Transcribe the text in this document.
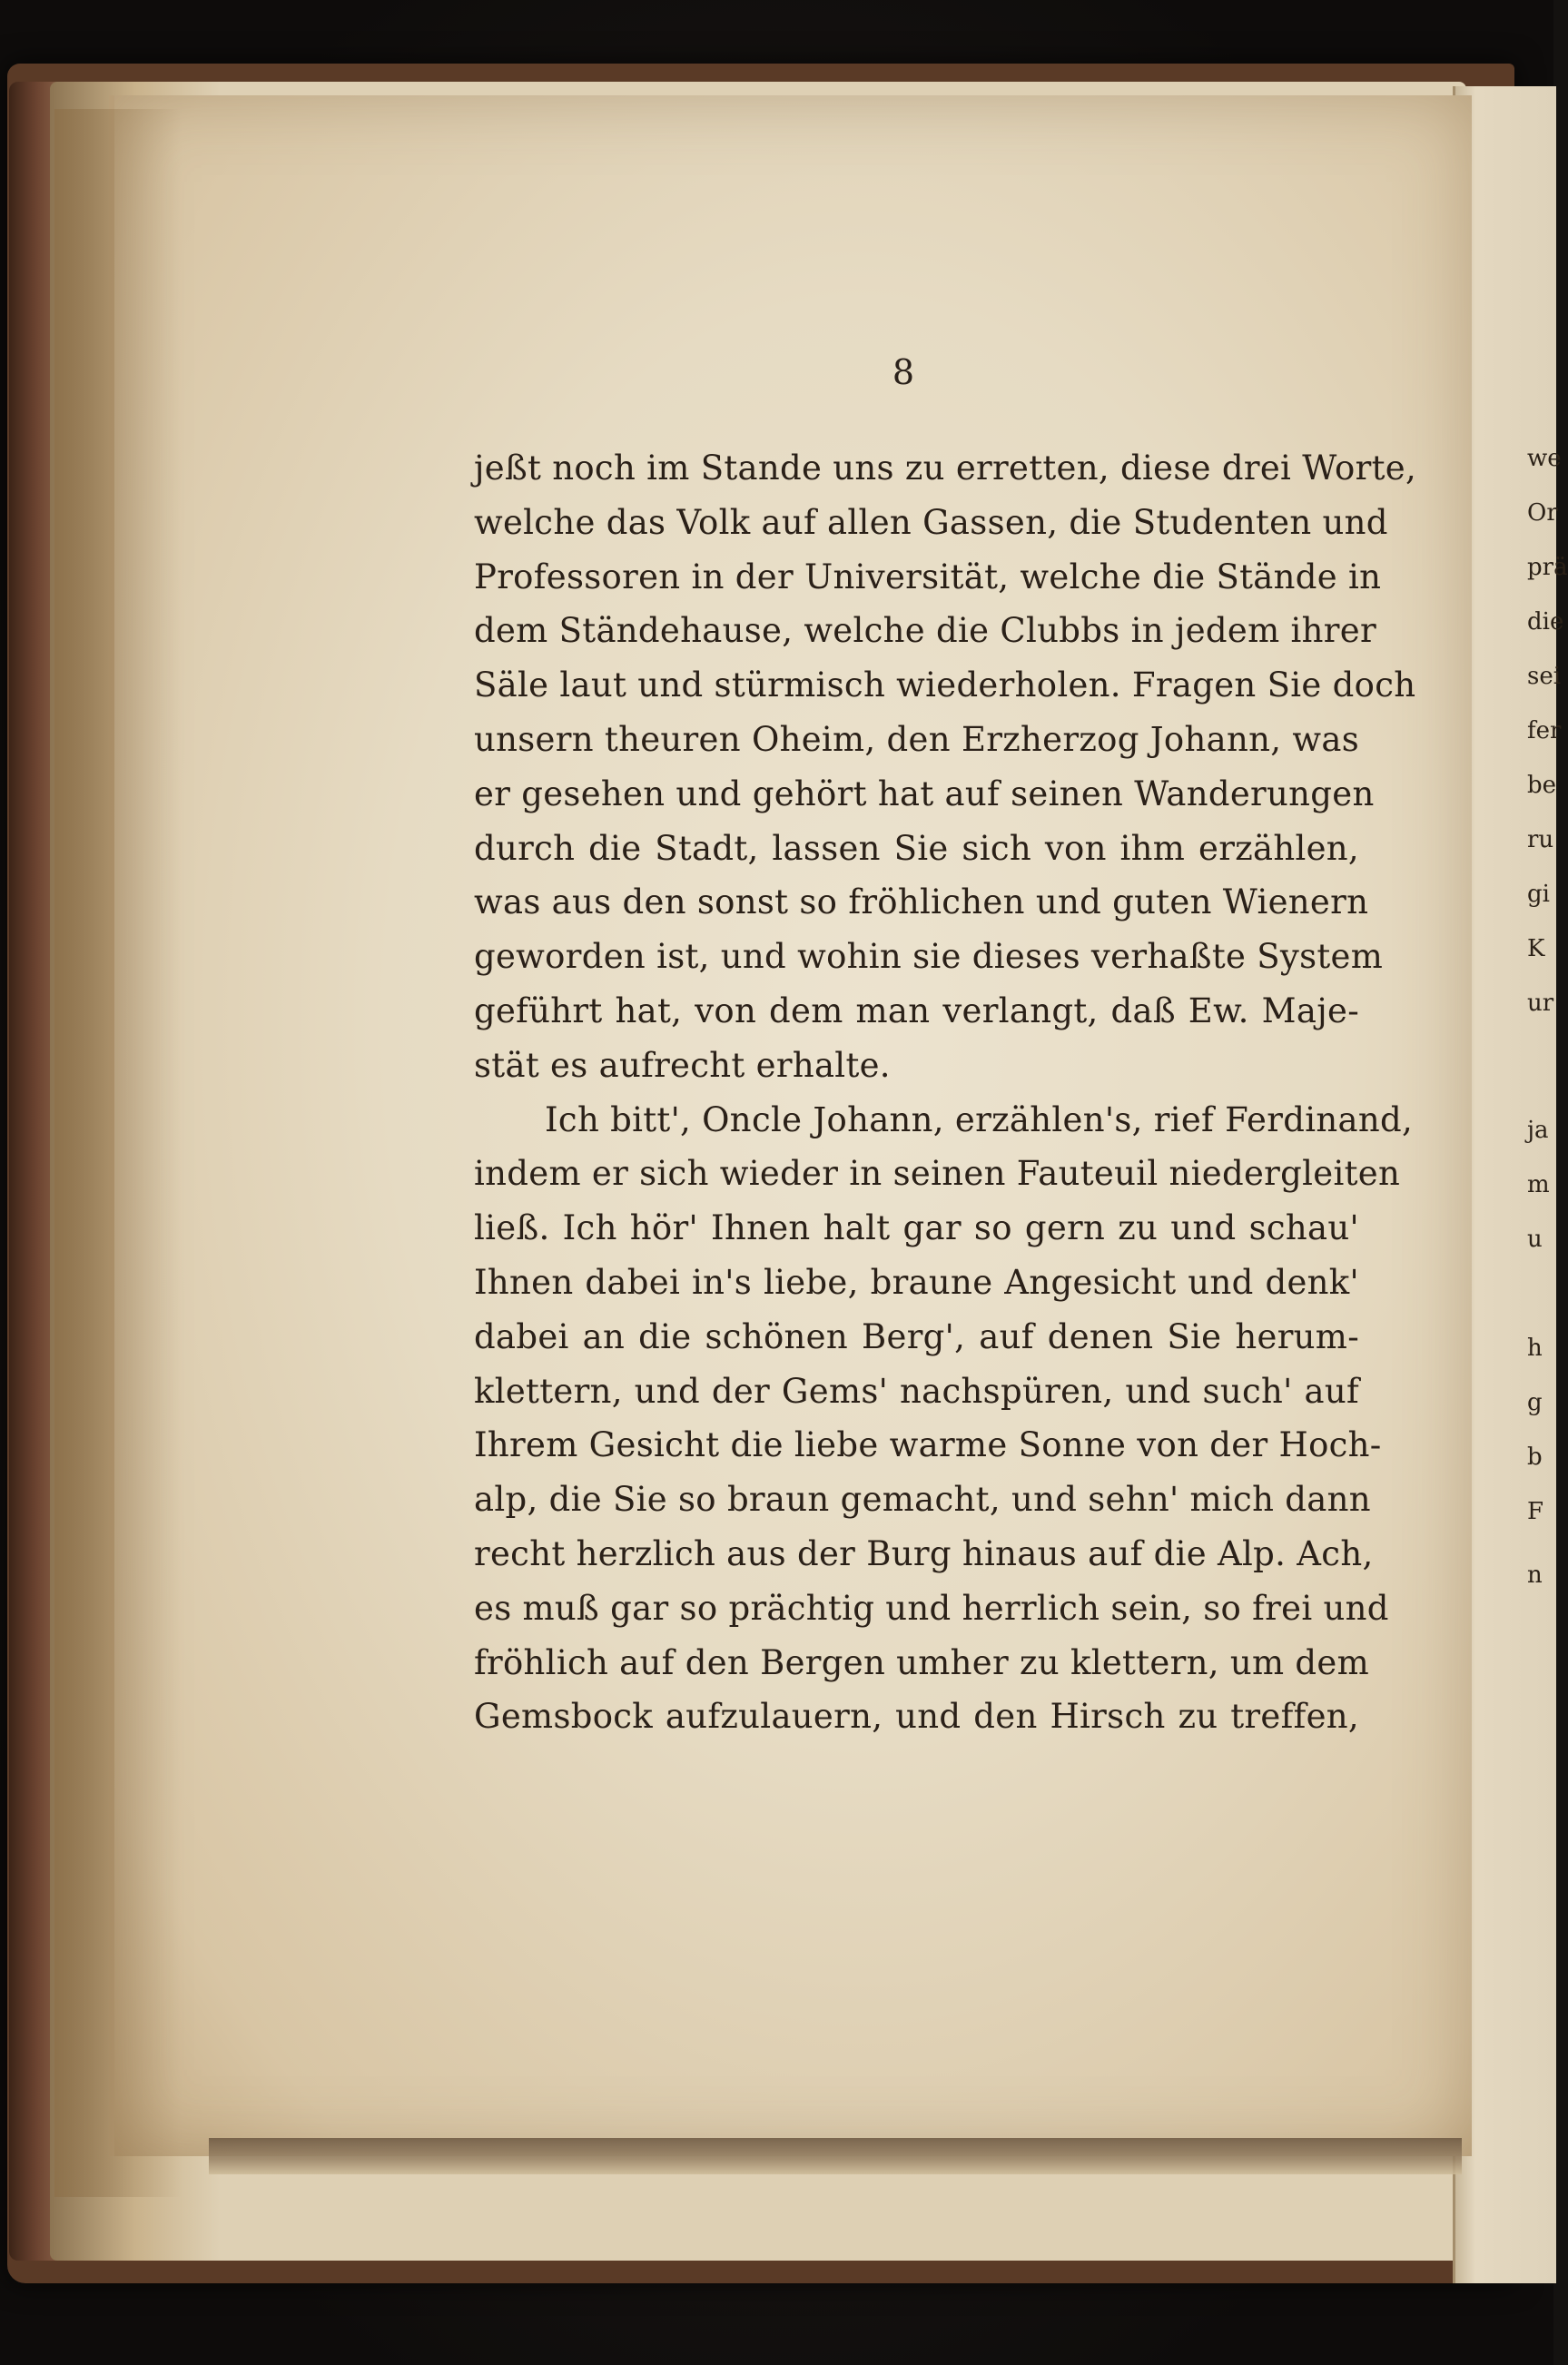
we
Or
prä
die
sei
fer
be
ru
gi
K
ur
ja
m
u
h
g
b
F
n
8
jeßt noch im Stande uns zu erretten, diese drei Worte,
welche das Volk auf allen Gassen, die Studenten und
Professoren in der Universität, welche die Stände in
dem Ständehause, welche die Clubbs in jedem ihrer
Säle laut und stürmisch wiederholen. Fragen Sie doch
unsern theuren Oheim, den Erzherzog Johann, was
er gesehen und gehört hat auf seinen Wanderungen
durch die Stadt, lassen Sie sich von ihm erzählen,
was aus den sonst so fröhlichen und guten Wienern
geworden ist, und wohin sie dieses verhaßte System
geführt hat, von dem man verlangt, daß Ew. Maje-
stät es aufrecht erhalte.
Ich bitt', Oncle Johann, erzählen's, rief Ferdinand,
indem er sich wieder in seinen Fauteuil niedergleiten
ließ. Ich hör' Ihnen halt gar so gern zu und schau'
Ihnen dabei in's liebe, braune Angesicht und denk'
dabei an die schönen Berg', auf denen Sie herum-
klettern, und der Gems' nachspüren, und such' auf
Ihrem Gesicht die liebe warme Sonne von der Hoch-
alp, die Sie so braun gemacht, und sehn' mich dann
recht herzlich aus der Burg hinaus auf die Alp. Ach,
es muß gar so prächtig und herrlich sein, so frei und
fröhlich auf den Bergen umher zu klettern, um dem
Gemsbock aufzulauern, und den Hirsch zu treffen,
